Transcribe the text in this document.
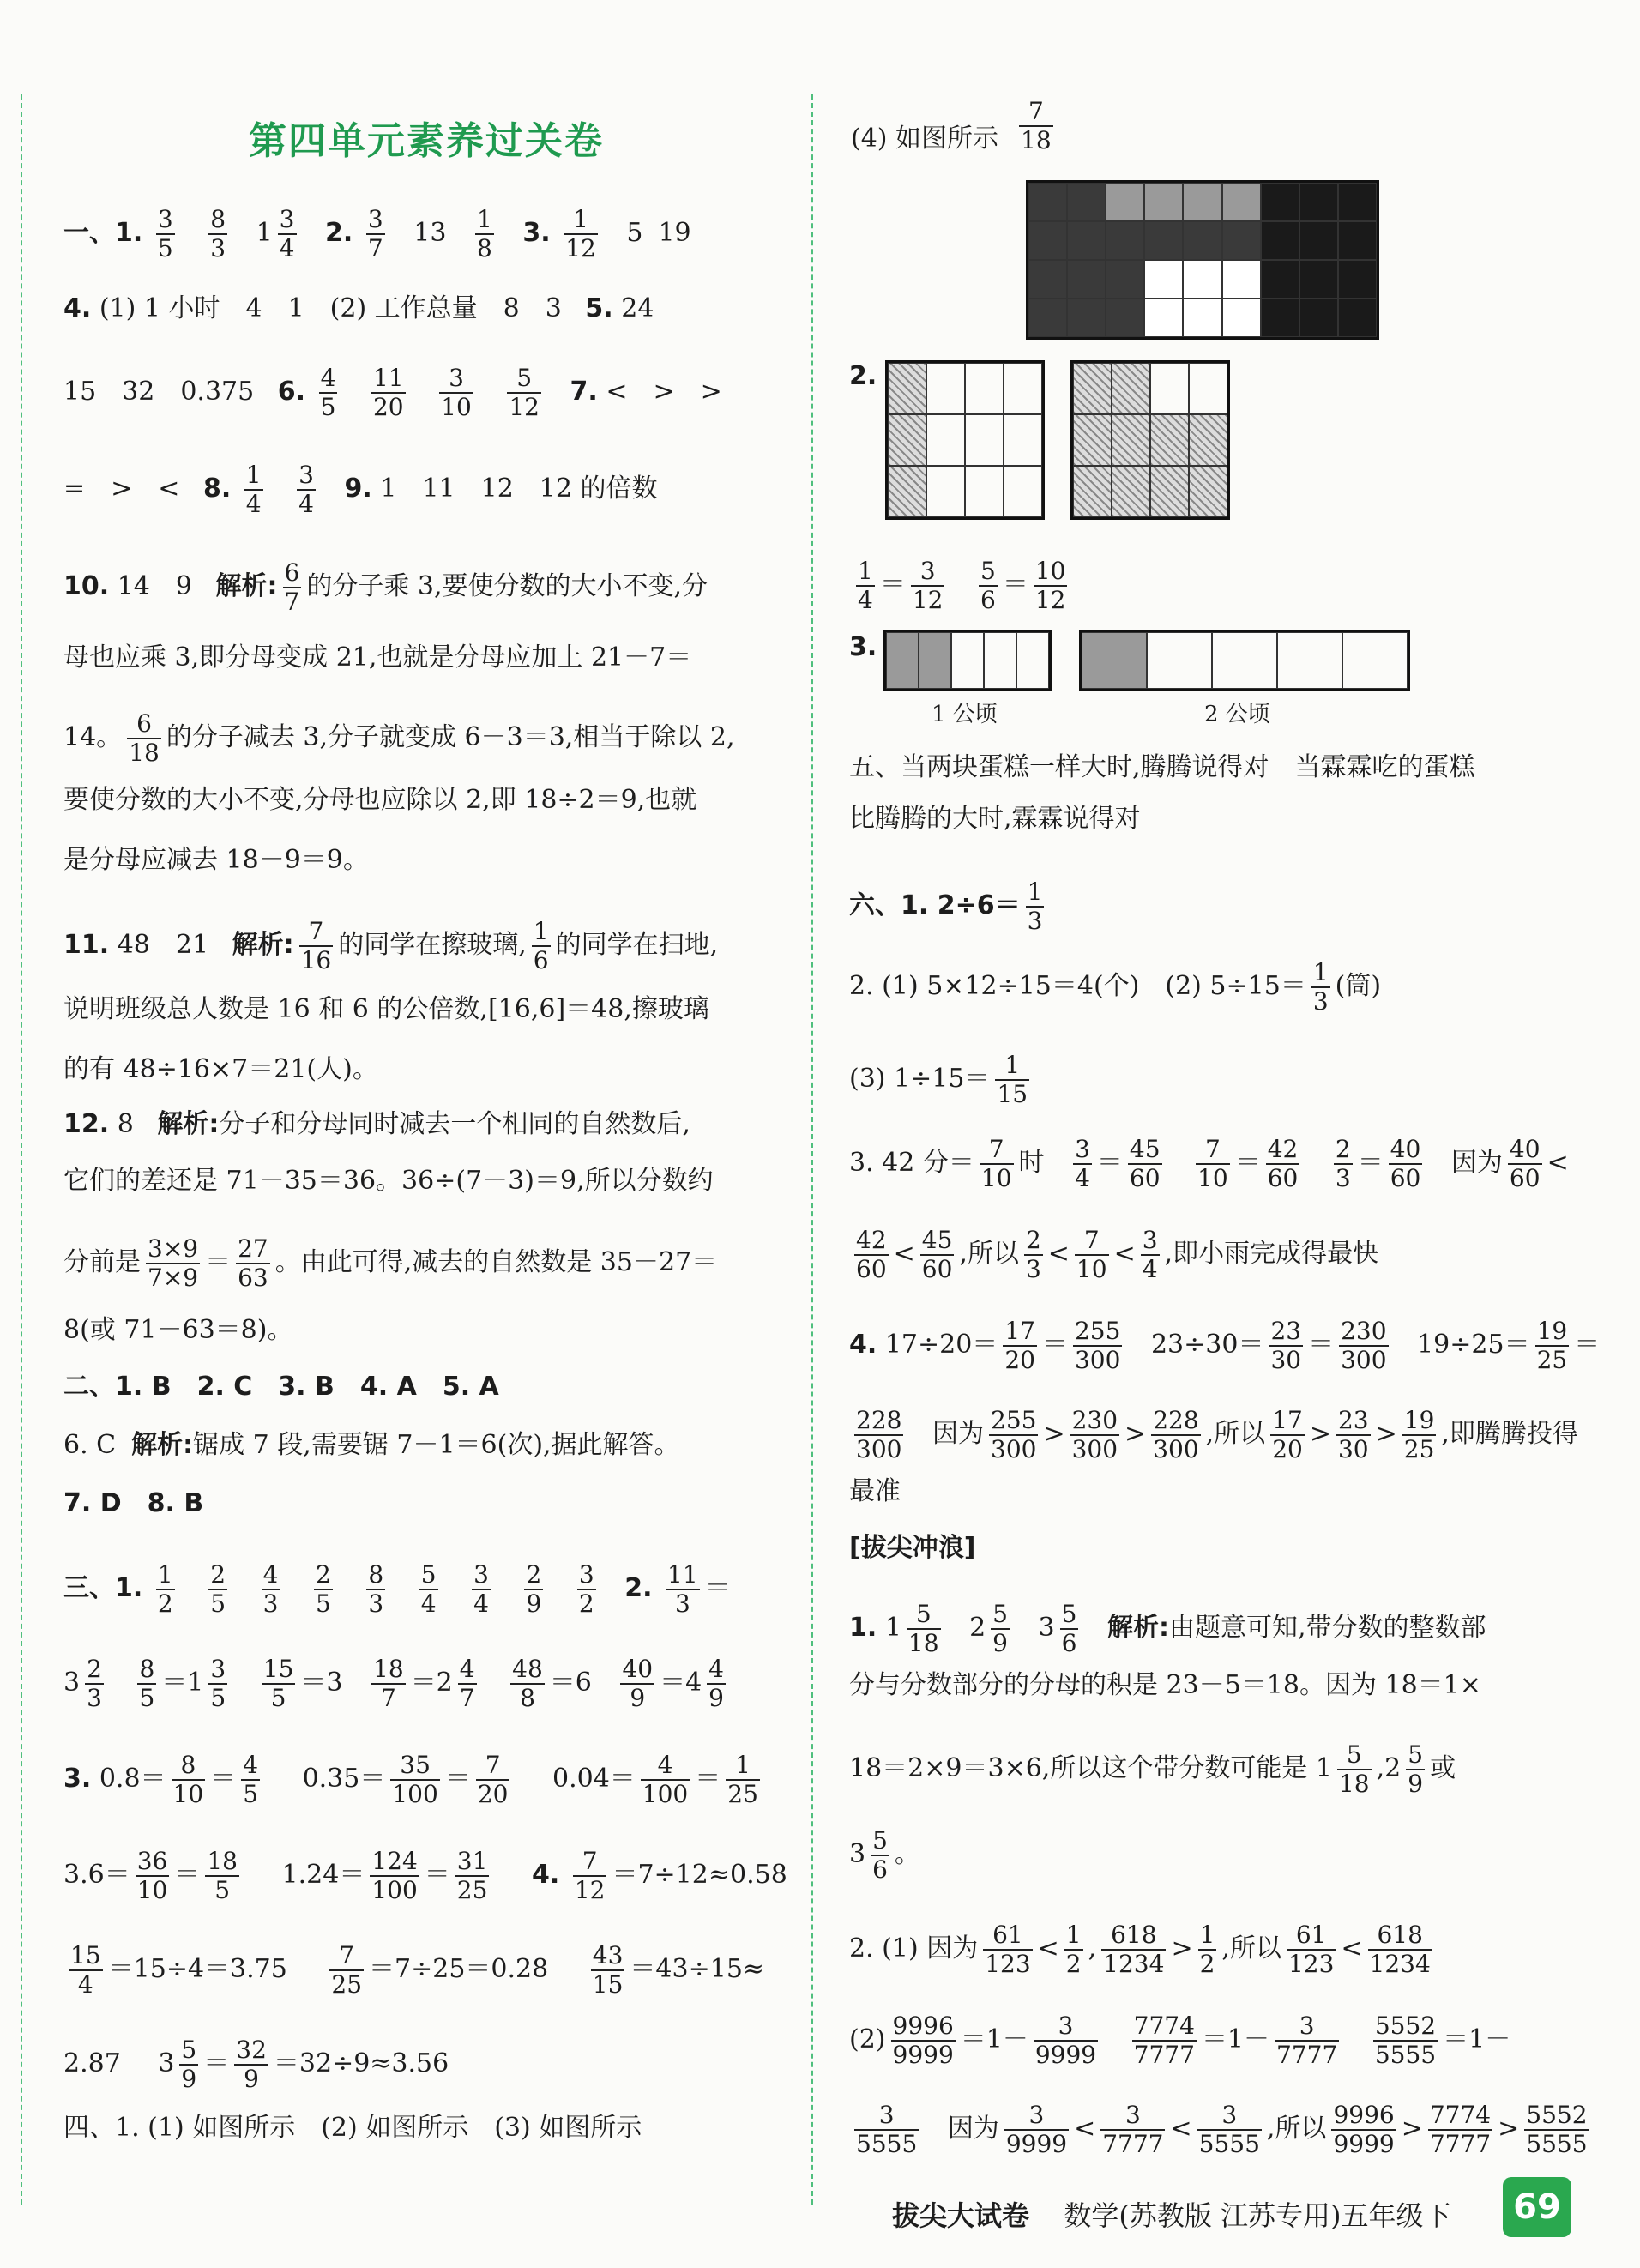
第四单元素养过关卷
一、1. $\frac{3}{5}$
$\frac{8}{3} 1 \frac{3}{4} 2$. $\frac{3}{7} 13 \frac{1}{8} 3$. $\frac{1}{12} 5$ 19
4. (1) 1 小时　4　1　(2) 工作总量　8　3 5. 24
15　32　0.375 6. $\frac{4}{5}$
$\frac{11}{20}$
$\frac{3}{10}$
$\frac{5}{12} 7$. <　>　>
=　>　< 8. $\frac{1}{4}$
$\frac{3}{4} 9$. 1　11　12　12 的倍数
10. 14　9 解析: $\frac{6}{7}$ 的分子乘 3,要使分数的大小不变,分
母也应乘 3,即分母变成 21,也就是分母应加上 21－7＝
14。 $\frac{6}{18}$ 的分子减去 3,分子就变成 6－3＝3,相当于除以 2,
要使分数的大小不变,分母也应除以 2,即 18÷2＝9,也就
是分母应减去 18－9＝9。
11. 48　21 解析: $\frac{7}{16}$ 的同学在擦玻璃, $\frac{1}{6}$ 的同学在扫地,
说明班级总人数是 16 和 6 的公倍数,[16,6]＝48,擦玻璃
的有 48÷16×7＝21(人)。
12. 8 解析:分子和分母同时减去一个相同的自然数后,
它们的差还是 71－35＝36。36÷(7－3)＝9,所以分数约
分前是 $\frac{3\times 9}{7\times 9} = \frac{27}{63}$ 。由此可得,减去的自然数是 35－27＝
8(或 71－63＝8)。
二、1. B　2. C　3. B　4. A　5. A
6. C 解析:锯成 7 段,需要锯 7－1＝6(次),据此解答。
7. D　8. B
三、1. $\frac{1}{2}$
$\frac{2}{5}$
$\frac{4}{3}$
$\frac{2}{5}$
$\frac{8}{3}$
$\frac{5}{4}$
$\frac{3}{4}$
$\frac{2}{9}$
$\frac{3}{2} 2$. $\frac{11}{3}$ ＝
$3 \frac{2}{3}$
$\frac{8}{5} =1 \frac{3}{5}$
$\frac{15}{5} =3 \frac{18}{7} =2 \frac{4}{7}$
$\frac{48}{8} =6 \frac{40}{9} =4 \frac{4}{9}$
3. $0.8= \frac{8}{10} = \frac{4}{5} 0.35= \frac{35}{100} = \frac{7}{20} 0.04= \frac{4}{100} = \frac{1}{25}$
$3.6= \frac{36}{10} = \frac{18}{5} 1.24= \frac{124}{100} = \frac{31}{25} 4$. $\frac{7}{12} =7\div 12\approx 0.58$
$\frac{15}{4} =15\div 4=3.75 \frac{7}{25} =7\div 25=0.28 \frac{43}{15} =43\div 15\approx$
2.87 $3 \frac{5}{9} = \frac{32}{9} =32\div 9\approx 3.56$
四、1. (1) 如图所示　(2) 如图所示　(3) 如图所示
(4) 如图所示 $\frac{7}{18}$
2.
$\frac{1}{4} = \frac{3}{12}$
$\frac{5}{6} = \frac{10}{12}$
3.
1 公顷	2 公顷
五、当两块蛋糕一样大时,腾腾说得对　当霖霖吃的蛋糕
比腾腾的大时,霖霖说得对
六、1. $2\div 6= \frac{1}{3}$
2. (1) 5×12÷15＝4(个)　(2) $5\div 15= \frac{1}{3}$ (筒)
(3) $1\div 15= \frac{1}{15}$
3. 42 分＝ $\frac{7}{10}$ 时 $\frac{3}{4} = \frac{45}{60}$
$\frac{7}{10} = \frac{42}{60}$
$\frac{2}{3} = \frac{40}{60}$ 因为 $\frac{40}{60}$ <
$\frac{42}{60} < \frac{45}{60}$ ,所以 $\frac{2}{3} < \frac{7}{10} < \frac{3}{4}$ ,即小雨完成得最快
4. $17\div 20= \frac{17}{20} = \frac{255}{300} 23\div 30= \frac{23}{30} = \frac{230}{300} 19\div 25= \frac{19}{25}$ ＝
$\frac{228}{300}$ 因为 $\frac{255}{300} > \frac{230}{300} > \frac{228}{300}$ ,所以 $\frac{17}{20} > \frac{23}{30} > \frac{19}{25}$ ,即腾腾投得
最准
[拔尖冲浪]
1. $1 \frac{5}{18} 2 \frac{5}{9} 3 \frac{5}{6}$ 解析:由题意可知,带分数的整数部
分与分数部分的分母的积是 23－5＝18。因为 18＝1×
18＝2×9＝3×6,所以这个带分数可能是 $1 \frac{5}{18} ,2 \frac{5}{9}$ 或
$3 \frac{5}{6}$ 。
2. (1) 因为 $\frac{61}{123} < \frac{1}{2}$ , $\frac{618}{1234} > \frac{1}{2}$ ,所以 $\frac{61}{123} < \frac{618}{1234}$
$(2) \frac{9996}{9999} =1- \frac{3}{9999}$
$\frac{7774}{7777} =1- \frac{3}{7777}$
$\frac{5552}{5555} =1-$
$\frac{3}{5555}$ 因为 $\frac{3}{9999} < \frac{3}{7777} < \frac{3}{5555}$ ,所以 $\frac{9996}{9999} > \frac{7774}{7777} > \frac{5552}{5555}$
拔尖大试卷 数学(苏教版 江苏专用)五年级下	69
